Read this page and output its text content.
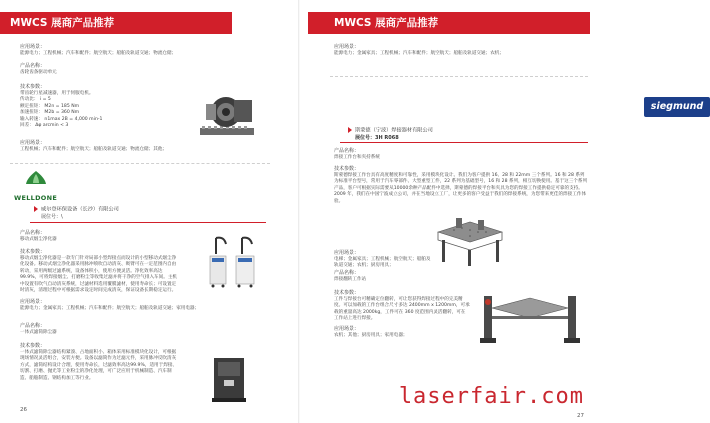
MWCS 展商产品推荐
应用场景：
能源电力；工程机械；汽车和配件；航空航天；船舶及轨道交通；物流仓储；
产品名称：
齿轮齿条驱动单元
技术参数：
带齿轮行星减速器，用于伺服电机。
传动比： i = 5
额定扭矩： M2n = 185 Nm
加速扭矩： M2b = 360 Nm
输入转速： n1max 2B = 4,000 min-1
回差： Δφ arcmin < 3
应用场景：
工程机械；汽车和配件；航空航天；船舶及轨道交通；物流仓储；其他；
WELLDONE
威尔登环保设备（长沙）有限公司
展位号：\
产品名称：
移动式烟尘净化器
技术参数：
移动式烟尘净化器是一款专门针对局部小型焊接点而设计的小型移动式烟尘净化设备。移动式烟尘净化器采用脉冲喷吹自动清灰、吸臂可在一定范围内自由转动，采用两级过滤系统，设备体积小，使用方便灵活。净化效率高达99.9%，可将焊接烟尘、打磨粉尘等收集过滤并将干净的空气排入车间。主机中设置有吹气自动清灰系统，过滤材料选用覆膜滤材，使用寿命长；可设置定时清灰，清理过程中可根据需求设定时间完成清灰，保证设备长期稳定运行。
应用场景：
能源电力；金属家具；工程机械；汽车和配件；航空航天；船舶及轨道交通；家用电器；
产品名称：
一体式滤筒除尘器
技术参数：
一体式滤筒除尘器结构紧凑、占地面积小、箱体采用标准模块化设计，可根据现场情况灵活组合，安装方便。设备以滤筒作为过滤元件，采用脉冲反吹清灰方式，滤筒结构设计合理，使用寿命长，过滤效率高达99.9%，适用于焊接、切割、打磨、抛光等工业粉尘的净化处理，可广泛应用于机械制造、汽车制造、船舶制造、钢结构加工等行业。
26
MWCS 展商产品推荐
应用场景：
能源电力；金属家具；工程机械；汽车和配件；航空航天；船舶及轨道交通；农机；
siegmund
斯蒙德（宁波）焊接器材有限公司
展位号：3H R068
产品名称：
焊接工作台和夹持系统
技术参数：
斯蒙德焊接工作台具有高度精度和可靠性，采用模块化设计。我们为客户提供 16、28 和 22mm 三个系列。16 和 28 系列为标准平台型号，常用于汽车零部件、大型重型工件，22 系列为基础型号，16 和 28 系列，相互切换使用。基于这三个系列产品，客户可根据实际需要从10000余种产品配件中选择，斯蒙德的焊接平台和夹具为您的焊接工作提供稳定可靠的支持。2009 年，我们在中国宁波成立公司，并在当地设立工厂，让更多的客户受益于我们的焊接系统，为您带来更佳的焊接工作体验。
应用场景：
电梯；金属家具；工程机械；航空航天；船舶及轨道交通；农机；厨房用具；
产品名称：
焊接翻转工作站
技术参数：
工件与焊接台可精确定位翻转，可让您获得焊接过程中的完美精度。可以加载的工作台组合尺寸多达 2400mm x 1200mm，可承载的重量高达 2000kg，工件可在 360 度范围内灵活翻转，可在工作站上进行焊接。
应用场景：
农机；其他；厨房用具；家用电器；
laserfair.com
27
